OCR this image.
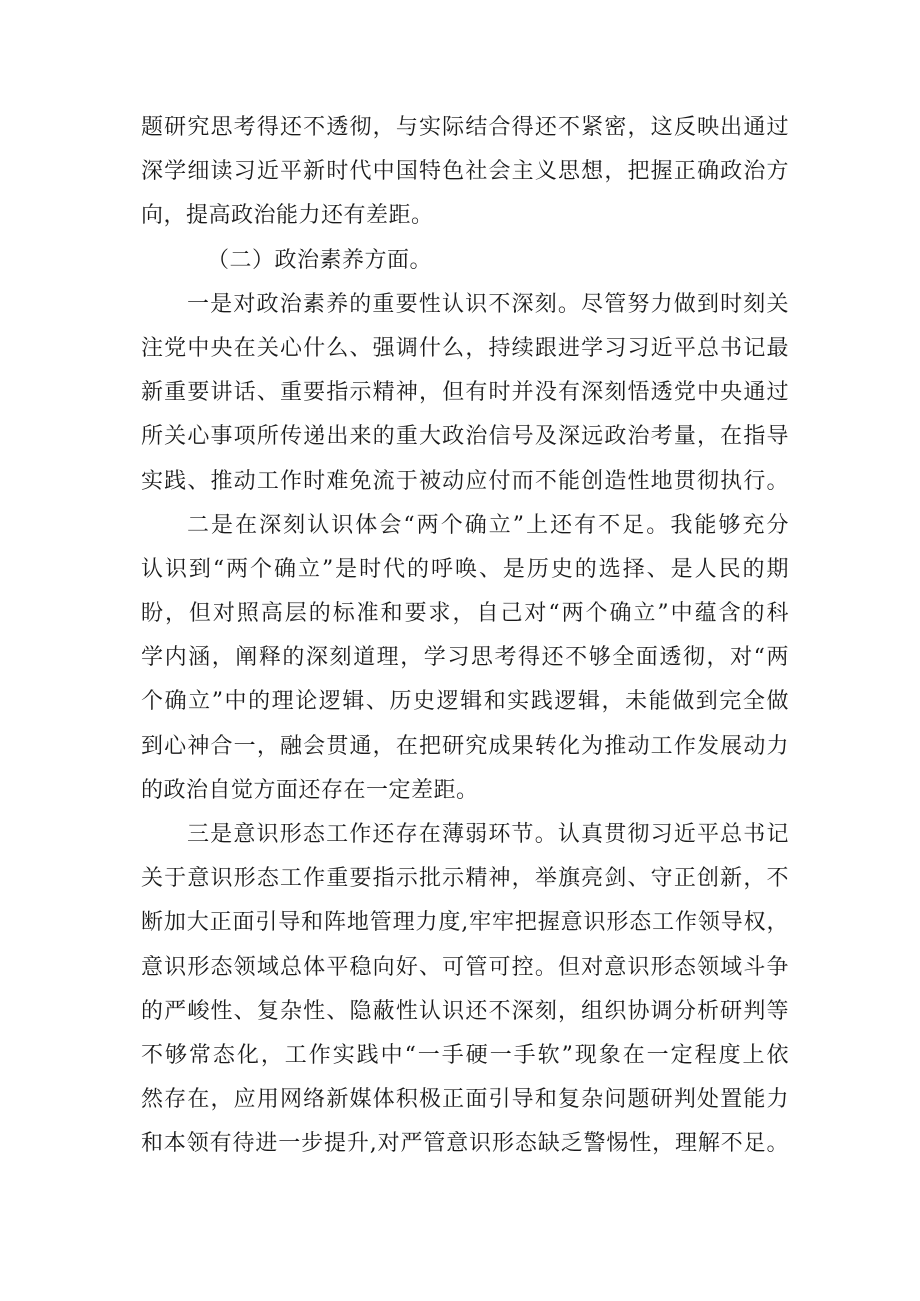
题研究思考得还不透彻，与实际结合得还不紧密，这反映出通过
深学细读习近平新时代中国特色社会主义思想，把握正确政治方
向，提高政治能力还有差距。
（二）政治素养方面。
一是对政治素养的重要性认识不深刻。尽管努力做到时刻关
注党中央在关心什么、强调什么，持续跟进学习习近平总书记最
新重要讲话、重要指示精神，但有时并没有深刻悟透党中央通过
所关心事项所传递出来的重大政治信号及深远政治考量，在指导
实践、推动工作时难免流于被动应付而不能创造性地贯彻执行。
二是在深刻认识体会“两个确立”上还有不足。我能够充分
认识到“两个确立”是时代的呼唤、是历史的选择、是人民的期
盼，但对照高层的标准和要求，自己对“两个确立”中蕴含的科
学内涵，阐释的深刻道理，学习思考得还不够全面透彻，对“两
个确立”中的理论逻辑、历史逻辑和实践逻辑，未能做到完全做
到心神合一，融会贯通，在把研究成果转化为推动工作发展动力
的政治自觉方面还存在一定差距。
三是意识形态工作还存在薄弱环节。认真贯彻习近平总书记
关于意识形态工作重要指示批示精神，举旗亮剑、守正创新，不
断加大正面引导和阵地管理力度,牢牢把握意识形态工作领导权，
意识形态领域总体平稳向好、可管可控。但对意识形态领域斗争
的严峻性、复杂性、隐蔽性认识还不深刻，组织协调分析研判等
不够常态化，工作实践中“一手硬一手软”现象在一定程度上依
然存在，应用网络新媒体积极正面引导和复杂问题研判处置能力
和本领有待进一步提升,对严管意识形态缺乏警惕性，理解不足。
